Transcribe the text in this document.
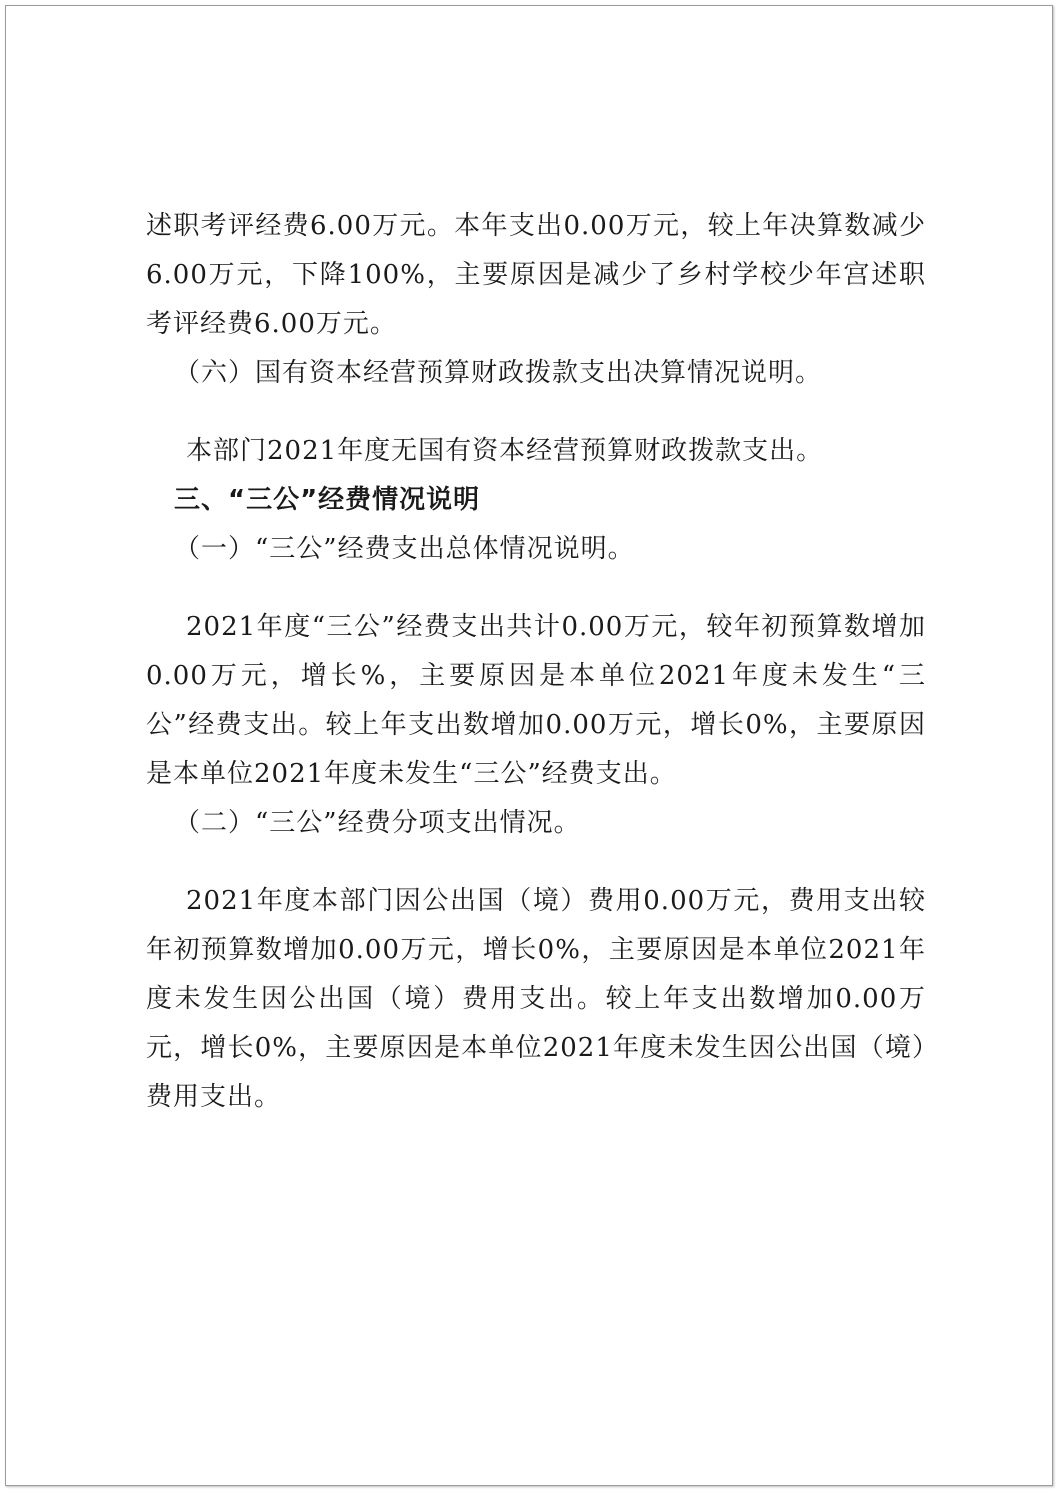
述职考评经费6.00万元。本年支出0.00万元，较上年决算数减少6.00万元，下降100%，主要原因是减少了乡村学校少年宫述职考评经费6.00万元。

（六）国有资本经营预算财政拨款支出决算情况说明。

本部门2021年度无国有资本经营预算财政拨款支出。

三、“三公”经费情况说明

（一）“三公”经费支出总体情况说明。

2021年度“三公”经费支出共计0.00万元，较年初预算数增加0.00万元，增长%，主要原因是本单位2021年度未发生“三公”经费支出。较上年支出数增加0.00万元，增长0%，主要原因是本单位2021年度未发生“三公”经费支出。

（二）“三公”经费分项支出情况。

2021年度本部门因公出国（境）费用0.00万元，费用支出较年初预算数增加0.00万元，增长0%，主要原因是本单位2021年度未发生因公出国（境）费用支出。较上年支出数增加0.00万元，增长0%，主要原因是本单位2021年度未发生因公出国（境）费用支出。
